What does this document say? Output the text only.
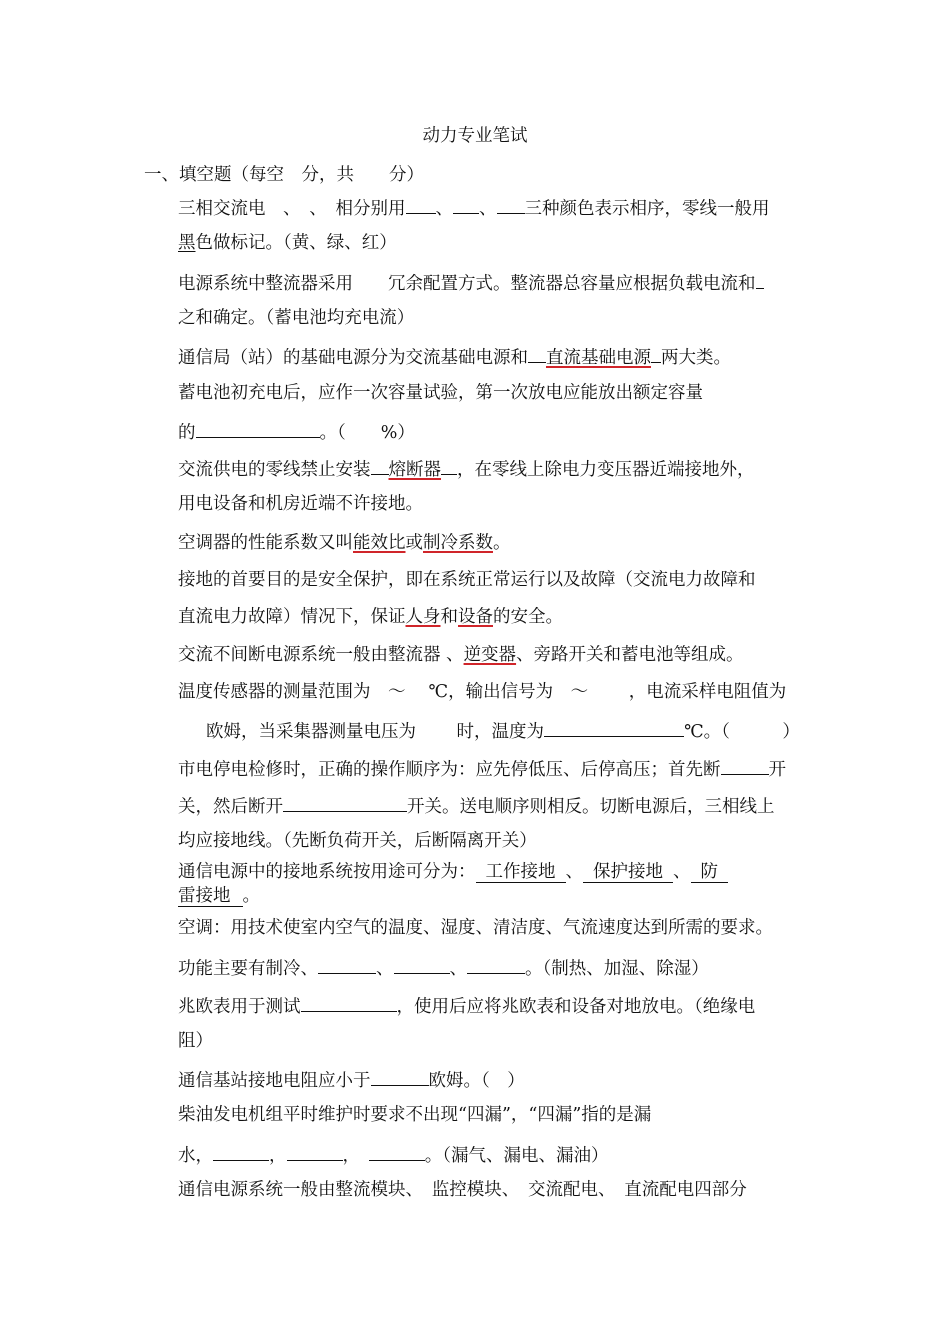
动力专业笔试
一、填空题（每空　分，共　　分）
三相交流电　、　、　相分别用 、 、 三种颜色表示相序，零线一般用
黑色做标记。（黄、绿、红）
电源系统中整流器采用　　冗余配置方式。整流器总容量应根据负载电流和
之和确定。（蓄电池均充电流）
通信局（站）的基础电源分为交流基础电源和 直流基础电源 两大类。
蓄电池初充电后，应作一次容量试验，第一次放电应能放出额定容量
的	。（　　%）
交流供电的零线禁止安装 熔断器 ，在零线上除电力变压器近端接地外，
用电设备和机房近端不许接地。
空调器的性能系数又叫能效比或制冷系数。
接地的首要目的是安全保护，即在系统正常运行以及故障（交流电力故障和
直流电力故障）情况下，保证人身和设备的安全。
交流不间断电源系统一般由整流器 、逆变器、旁路开关和蓄电池等组成。
温度传感器的测量范围为　～　 ℃，输出信号为　～　　 ，电流采样电阻值为
欧姆，当采集器测量电压为　　 时，温度为	℃。（　　　）
市电停电检修时，正确的操作顺序为：应先停低压、后停高压；首先断	开
关，然后断开	开关。送电顺序则相反。切断电源后，三相线上
均应接地线。（先断负荷开关，后断隔离开关）
通信电源中的接地系统按用途可分为： 工作接地 、 保护接地 、 防
雷接地 。
空调：用技术使室内空气的温度、湿度、清洁度、气流速度达到所需的要求。
功能主要有制冷、	、	、	。（制热、加湿、除湿）
兆欧表用于测试	，使用后应将兆欧表和设备对地放电。（绝缘电
阻）
通信基站接地电阻应小于	欧姆。（　）
柴油发电机组平时维护时要求不出现“四漏”，“四漏”指的是漏
水，	，	，　	。（漏气、漏电、漏油）
通信电源系统一般由整流模块、　监控模块、　交流配电、　直流配电四部分
